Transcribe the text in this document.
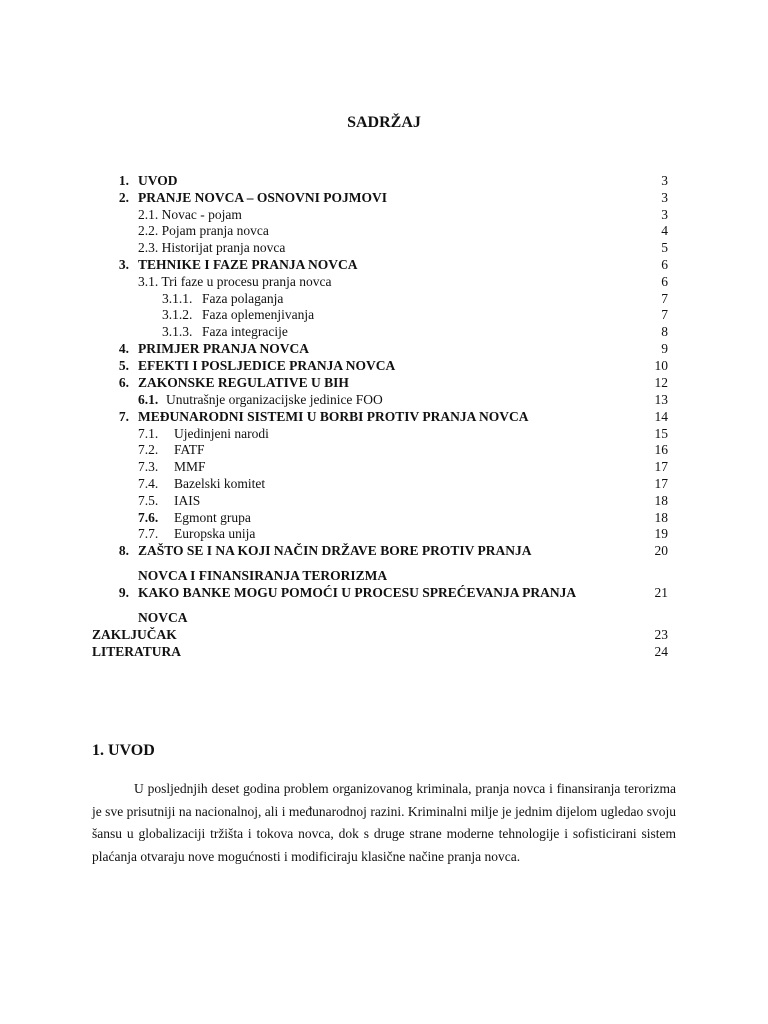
SADRŽAJ
1. UVOD	3
2. PRANJE NOVCA – OSNOVNI POJMOVI	3
2.1. Novac - pojam	3
2.2. Pojam pranja novca	4
2.3. Historijat pranja novca	5
3. TEHNIKE I FAZE PRANJA NOVCA	6
3.1. Tri faze u procesu pranja novca	6
3.1.1. Faza polaganja	7
3.1.2. Faza oplemenjivanja	7
3.1.3. Faza integracije	8
4. PRIMJER PRANJA NOVCA	9
5. EFEKTI I POSLJEDICE PRANJA NOVCA	10
6. ZAKONSKE REGULATIVE U BIH	12
6.1. Unutrašnje organizacijske jedinice FOO	13
7. MEĐUNARODNI SISTEMI U BORBI PROTIV PRANJA NOVCA	14
7.1. Ujedinjeni narodi	15
7.2. FATF	16
7.3. MMF	17
7.4. Bazelski komitet	17
7.5. IAIS	18
7.6. Egmont grupa	18
7.7. Europska unija	19
8. ZAŠTO SE I NA KOJI NAČIN DRŽAVE BORE PROTIV PRANJA	20
NOVCA I FINANSIRANJA TERORIZMA
9. KAKO BANKE MOGU POMOĆI U PROCESU SPREĆEVANJA PRANJA	21
NOVCA
ZAKLJUČAK	23
LITERATURA	24
1. UVOD
U posljednjih deset godina problem organizovanog kriminala, pranja novca i finansiranja terorizma je sve prisutniji na nacionalnoj, ali i međunarodnoj razini. Kriminalni milje je jednim dijelom ugledao svoju šansu u globalizaciji tržišta i tokova novca, dok s druge strane moderne tehnologije i sofisticirani sistem plaćanja otvaraju nove mogućnosti i modificiraju klasične načine pranja novca.
